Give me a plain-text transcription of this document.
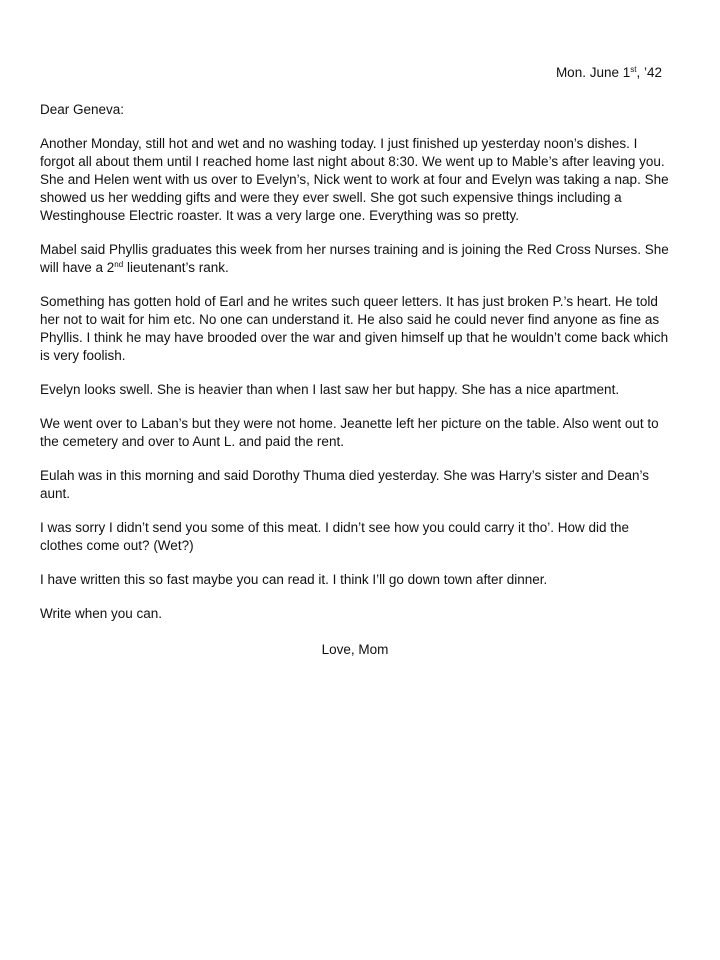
Mon. June 1st, ’42
Dear Geneva:

Another Monday, still hot and wet and no washing today. I just finished up yesterday noon’s dishes. I forgot all about them until I reached home last night about 8:30. We went up to Mable’s after leaving you. She and Helen went with us over to Evelyn’s, Nick went to work at four and Evelyn was taking a nap. She showed us her wedding gifts and were they ever swell. She got such expensive things including a Westinghouse Electric roaster. It was a very large one. Everything was so pretty.

Mabel said Phyllis graduates this week from her nurses training and is joining the Red Cross Nurses. She will have a 2nd lieutenant’s rank.

Something has gotten hold of Earl and he writes such queer letters. It has just broken P.’s heart. He told her not to wait for him etc. No one can understand it. He also said he could never find anyone as fine as Phyllis. I think he may have brooded over the war and given himself up that he wouldn’t come back which is very foolish.

Evelyn looks swell. She is heavier than when I last saw her but happy. She has a nice apartment.

We went over to Laban’s but they were not home. Jeanette left her picture on the table. Also went out to the cemetery and over to Aunt L. and paid the rent.

Eulah was in this morning and said Dorothy Thuma died yesterday. She was Harry’s sister and Dean’s aunt.

I was sorry I didn’t send you some of this meat. I didn’t see how you could carry it tho’. How did the clothes come out? (Wet?)

I have written this so fast maybe you can read it. I think I’ll go down town after dinner.

Write when you can.

Love, Mom
